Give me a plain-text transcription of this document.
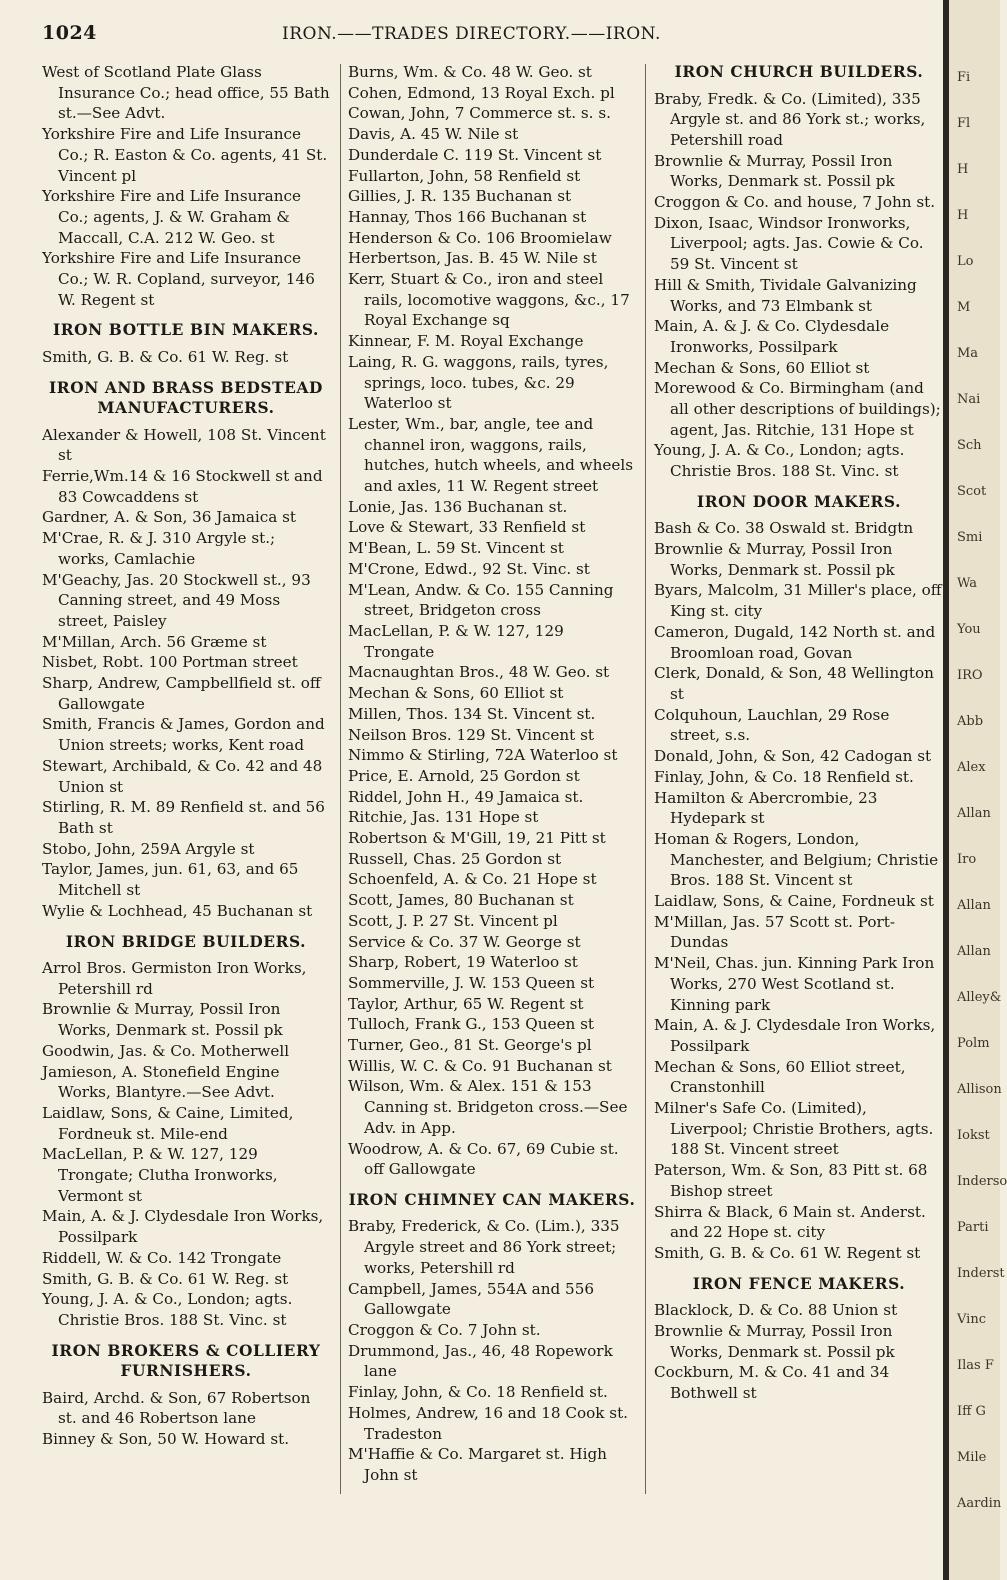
1024	IRON.——TRADES DIRECTORY.——IRON.

West of Scotland Plate Glass Insurance Co.; head office, 55 Bath st.—See Advt.

Yorkshire Fire and Life Insurance Co.; R. Easton & Co. agents, 41 St. Vincent pl

Yorkshire Fire and Life Insurance Co.; agents, J. & W. Graham & Maccall, C.A. 212 W. Geo. st

Yorkshire Fire and Life Insurance Co.; W. R. Copland, surveyor, 146 W. Regent st

IRON BOTTLE BIN MAKERS.

Smith, G. B. & Co. 61 W. Reg. st

IRON AND BRASS BEDSTEAD MANUFACTURERS.

Alexander & Howell, 108 St. Vincent st

Ferrie,Wm.14 & 16 Stockwell st and 83 Cowcaddens st

Gardner, A. & Son, 36 Jamaica st

M'Crae, R. & J. 310 Argyle st.; works, Camlachie

M'Geachy, Jas. 20 Stockwell st., 93 Canning street, and 49 Moss street, Paisley

M'Millan, Arch. 56 Græme st

Nisbet, Robt. 100 Portman street

Sharp, Andrew, Campbellfield st. off Gallowgate

Smith, Francis & James, Gordon and Union streets; works, Kent road

Stewart, Archibald, & Co. 42 and 48 Union st

Stirling, R. M. 89 Renfield st. and 56 Bath st

Stobo, John, 259A Argyle st

Taylor, James, jun. 61, 63, and 65 Mitchell st

Wylie & Lochhead, 45 Buchanan st

IRON BRIDGE BUILDERS.

Arrol Bros. Germiston Iron Works, Petershill rd

Brownlie & Murray, Possil Iron Works, Denmark st. Possil pk

Goodwin, Jas. & Co. Motherwell

Jamieson, A. Stonefield Engine Works, Blantyre.—See Advt.

Laidlaw, Sons, & Caine, Limited, Fordneuk st. Mile-end

MacLellan, P. & W. 127, 129 Trongate; Clutha Ironworks, Vermont st

Main, A. & J. Clydesdale Iron Works, Possilpark

Riddell, W. & Co. 142 Trongate

Smith, G. B. & Co. 61 W. Reg. st

Young, J. A. & Co., London; agts. Christie Bros. 188 St. Vinc. st

IRON BROKERS & COLLIERY FURNISHERS.

Baird, Archd. & Son, 67 Robertson st. and 46 Robertson lane

Binney & Son, 50 W. Howard st.

Burns, Wm. & Co. 48 W. Geo. st

Cohen, Edmond, 13 Royal Exch. pl

Cowan, John, 7 Commerce st. s. s.

Davis, A. 45 W. Nile st

Dunderdale C. 119 St. Vincent st

Fullarton, John, 58 Renfield st

Gillies, J. R. 135 Buchanan st

Hannay, Thos 166 Buchanan st

Henderson & Co. 106 Broomielaw

Herbertson, Jas. B. 45 W. Nile st

Kerr, Stuart & Co., iron and steel rails, locomotive waggons, &c., 17 Royal Exchange sq

Kinnear, F. M. Royal Exchange

Laing, R. G. waggons, rails, tyres, springs, loco. tubes, &c. 29 Waterloo st

Lester, Wm., bar, angle, tee and channel iron, waggons, rails, hutches, hutch wheels, and wheels and axles, 11 W. Regent street

Lonie, Jas. 136 Buchanan st.

Love & Stewart, 33 Renfield st

M'Bean, L. 59 St. Vincent st

M'Crone, Edwd., 92 St. Vinc. st

M'Lean, Andw. & Co. 155 Canning street, Bridgeton cross

MacLellan, P. & W. 127, 129 Trongate

Macnaughtan Bros., 48 W. Geo. st

Mechan & Sons, 60 Elliot st

Millen, Thos. 134 St. Vincent st.

Neilson Bros. 129 St. Vincent st

Nimmo & Stirling, 72A Waterloo st

Price, E. Arnold, 25 Gordon st

Riddel, John H., 49 Jamaica st.

Ritchie, Jas. 131 Hope st

Robertson & M'Gill, 19, 21 Pitt st

Russell, Chas. 25 Gordon st

Schoenfeld, A. & Co. 21 Hope st

Scott, James, 80 Buchanan st

Scott, J. P. 27 St. Vincent pl

Service & Co. 37 W. George st

Sharp, Robert, 19 Waterloo st

Sommerville, J. W. 153 Queen st

Taylor, Arthur, 65 W. Regent st

Tulloch, Frank G., 153 Queen st

Turner, Geo., 81 St. George's pl

Willis, W. C. & Co. 91 Buchanan st

Wilson, Wm. & Alex. 151 & 153 Canning st. Bridgeton cross.—See Adv. in App.

Woodrow, A. & Co. 67, 69 Cubie st. off Gallowgate

IRON CHIMNEY CAN MAKERS.

Braby, Frederick, & Co. (Lim.), 335 Argyle street and 86 York street; works, Petershill rd

Campbell, James, 554A and 556 Gallowgate

Croggon & Co. 7 John st.

Drummond, Jas., 46, 48 Ropework lane

Finlay, John, & Co. 18 Renfield st.

Holmes, Andrew, 16 and 18 Cook st. Tradeston

M'Haffie & Co. Margaret st. High John st

IRON CHURCH BUILDERS.

Braby, Fredk. & Co. (Limited), 335 Argyle st. and 86 York st.; works, Petershill road

Brownlie & Murray, Possil Iron Works, Denmark st. Possil pk

Croggon & Co. and house, 7 John st.

Dixon, Isaac, Windsor Ironworks, Liverpool; agts. Jas. Cowie & Co. 59 St. Vincent st

Hill & Smith, Tividale Galvanizing Works, and 73 Elmbank st

Main, A. & J. & Co. Clydesdale Ironworks, Possilpark

Mechan & Sons, 60 Elliot st

Morewood & Co. Birmingham (and all other descriptions of buildings); agent, Jas. Ritchie, 131 Hope st

Young, J. A. & Co., London; agts. Christie Bros. 188 St. Vinc. st

IRON DOOR MAKERS.

Bash & Co. 38 Oswald st. Bridgtn

Brownlie & Murray, Possil Iron Works, Denmark st. Possil pk

Byars, Malcolm, 31 Miller's place, off King st. city

Cameron, Dugald, 142 North st. and Broomloan road, Govan

Clerk, Donald, & Son, 48 Wellington st

Colquhoun, Lauchlan, 29 Rose street, s.s.

Donald, John, & Son, 42 Cadogan st

Finlay, John, & Co. 18 Renfield st.

Hamilton & Abercrombie, 23 Hydepark st

Homan & Rogers, London, Manchester, and Belgium; Christie Bros. 188 St. Vincent st

Laidlaw, Sons, & Caine, Fordneuk st

M'Millan, Jas. 57 Scott st. Port-Dundas

M'Neil, Chas. jun. Kinning Park Iron Works, 270 West Scotland st. Kinning park

Main, A. & J. Clydesdale Iron Works, Possilpark

Mechan & Sons, 60 Elliot street, Cranstonhill

Milner's Safe Co. (Limited), Liverpool; Christie Brothers, agts. 188 St. Vincent street

Paterson, Wm. & Son, 83 Pitt st. 68 Bishop street

Shirra & Black, 6 Main st. Anderst. and 22 Hope st. city

Smith, G. B. & Co. 61 W. Regent st

IRON FENCE MAKERS.

Blacklock, D. & Co. 88 Union st

Brownlie & Murray, Possil Iron Works, Denmark st. Possil pk

Cockburn, M. & Co. 41 and 34 Bothwell st

Fi
Fl
H
H
Lo
M
Ma
Nai
Sch
Scot
Smi
Wa
You
IRO
Abb
Alex
Allan
Iro
Allan
Allan
Alley&
Polm
Allison
Iokst
Inderso
Parti
Inderst
Vinc
Ilas F
Iff G
Mile
Aardin
